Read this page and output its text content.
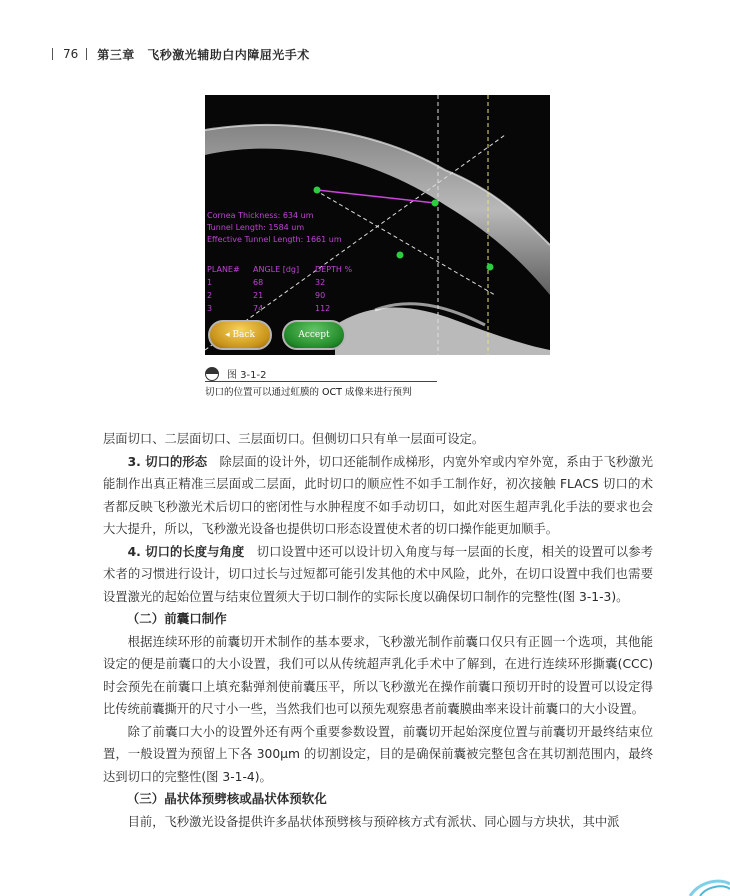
76 第三章　飞秒激光辅助白内障屈光手术
Cornea Thickness: 634 um
Tunnel Length: 1584 um
Effective Tunnel Length: 1661 um
PLANE# ANGLE [dg] DEPTH %
1	68	32
2	21	90
3	74	112
◂ Back	Accept
图 3-1-2
切口的位置可以通过虹膜的 OCT 成像来进行预判

层面切口、二层面切口、三层面切口。但侧切口只有单一层面可设定。

3. 切口的形态　除层面的设计外，切口还能制作成梯形，内宽外窄或内窄外宽，系由于飞秒激光能制作出真正精准三层面或二层面，此时切口的顺应性不如手工制作好，初次接触 FLACS 切口的术者都反映飞秒激光术后切口的密闭性与水肿程度不如手动切口，如此对医生超声乳化手法的要求也会大大提升，所以，飞秒激光设备也提供切口形态设置使术者的切口操作能更加顺手。

4. 切口的长度与角度　切口设置中还可以设计切入角度与每一层面的长度，相关的设置可以参考术者的习惯进行设计，切口过长与过短都可能引发其他的术中风险，此外，在切口设置中我们也需要设置激光的起始位置与结束位置须大于切口制作的实际长度以确保切口制作的完整性(图 3-1-3)。

（二）前囊口制作

根据连续环形的前囊切开术制作的基本要求，飞秒激光制作前囊口仅只有正圆一个选项，其他能设定的便是前囊口的大小设置，我们可以从传统超声乳化手术中了解到，在进行连续环形撕囊(CCC)时会预先在前囊口上填充黏弹剂使前囊压平，所以飞秒激光在操作前囊口预切开时的设置可以设定得比传统前囊撕开的尺寸小一些，当然我们也可以预先观察患者前囊膜曲率来设计前囊口的大小设置。

除了前囊口大小的设置外还有两个重要参数设置，前囊切开起始深度位置与前囊切开最终结束位置，一般设置为预留上下各 300μm 的切割设定，目的是确保前囊被完整包含在其切割范围内，最终达到切口的完整性(图 3-1-4)。

（三）晶状体预劈核或晶状体预软化

目前，飞秒激光设备提供许多晶状体预劈核与预碎核方式有派状、同心圆与方块状，其中派
